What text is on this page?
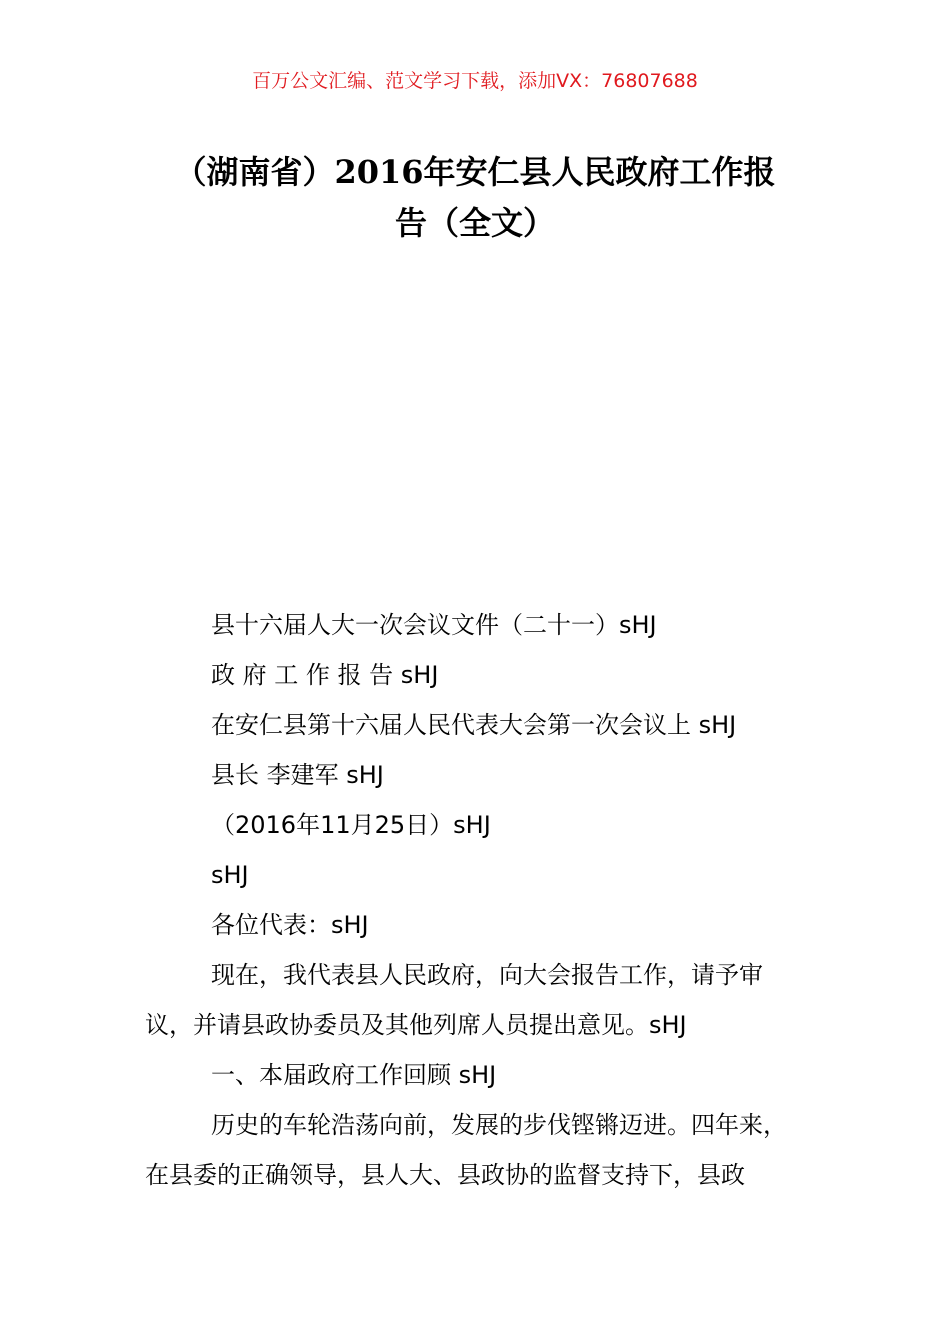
百万公文汇编、范文学习下载，添加VX：76807688
（湖南省）2016年安仁县人民政府工作报
告（全文）
县十六届人大一次会议文件（二十一）sHJ
政 府 工 作 报 告 sHJ
在安仁县第十六届人民代表大会第一次会议上 sHJ
县长 李建军 sHJ
（2016年11月25日）sHJ
sHJ
各位代表：sHJ
现在，我代表县人民政府，向大会报告工作，请予审
议，并请县政协委员及其他列席人员提出意见。sHJ
一、本届政府工作回顾 sHJ
历史的车轮浩荡向前，发展的步伐铿锵迈进。四年来，
在县委的正确领导，县人大、县政协的监督支持下，县政
